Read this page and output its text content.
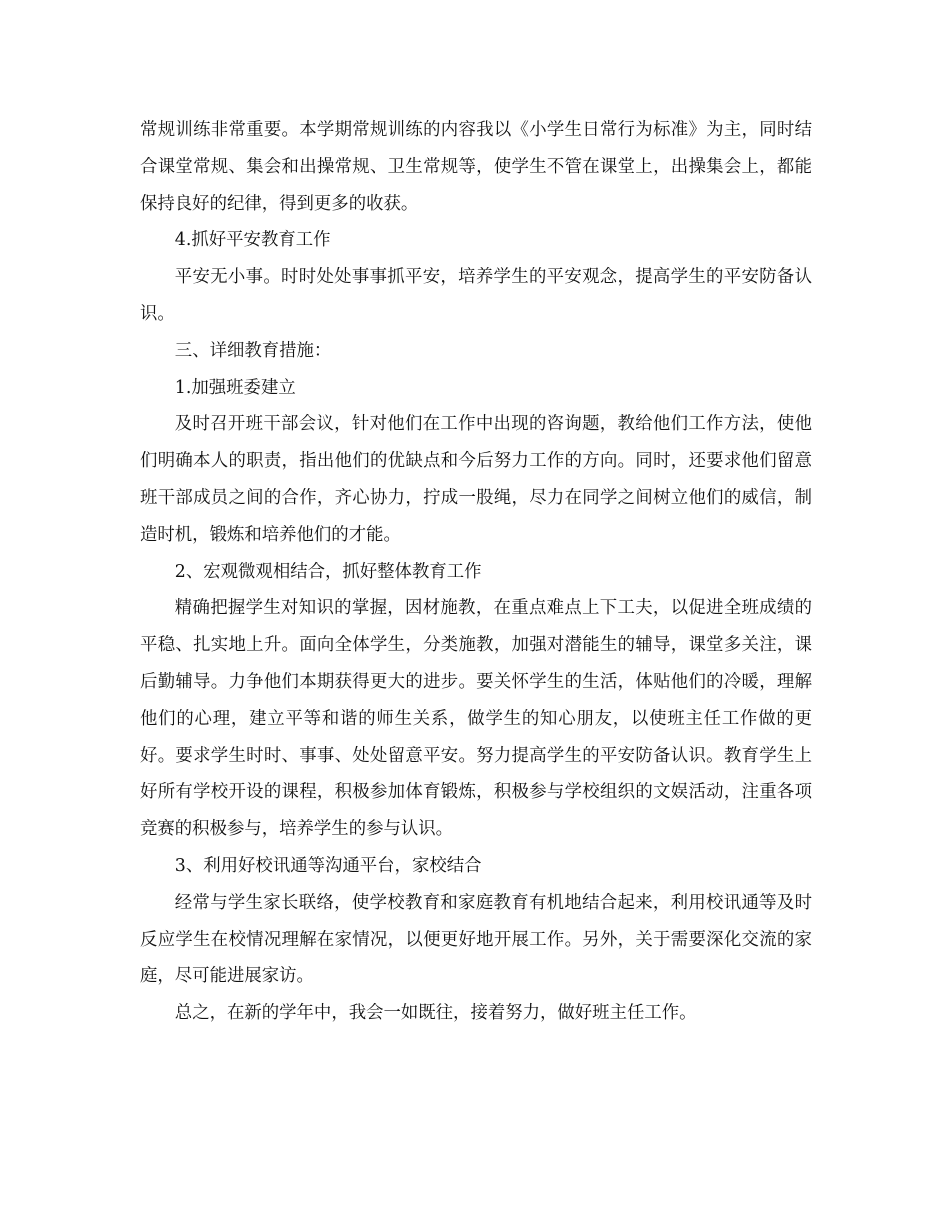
常规训练非常重要。本学期常规训练的内容我以《小学生日常行为标准》为主，同时结合课堂常规、集会和出操常规、卫生常规等，使学生不管在课堂上，出操集会上，都能保持良好的纪律，得到更多的收获。

4.抓好平安教育工作

平安无小事。时时处处事事抓平安，培养学生的平安观念，提高学生的平安防备认识。

三、详细教育措施：

1.加强班委建立

及时召开班干部会议，针对他们在工作中出现的咨询题，教给他们工作方法，使他们明确本人的职责，指出他们的优缺点和今后努力工作的方向。同时，还要求他们留意班干部成员之间的合作，齐心协力，拧成一股绳，尽力在同学之间树立他们的威信，制造时机，锻炼和培养他们的才能。

2、宏观微观相结合，抓好整体教育工作

精确把握学生对知识的掌握，因材施教，在重点难点上下工夫，以促进全班成绩的平稳、扎实地上升。面向全体学生，分类施教，加强对潜能生的辅导，课堂多关注，课后勤辅导。力争他们本期获得更大的进步。要关怀学生的生活，体贴他们的冷暖，理解他们的心理，建立平等和谐的师生关系，做学生的知心朋友，以使班主任工作做的更好。要求学生时时、事事、处处留意平安。努力提高学生的平安防备认识。教育学生上好所有学校开设的课程，积极参加体育锻炼，积极参与学校组织的文娱活动，注重各项竞赛的积极参与，培养学生的参与认识。

3、利用好校讯通等沟通平台，家校结合

经常与学生家长联络，使学校教育和家庭教育有机地结合起来，利用校讯通等及时反应学生在校情况理解在家情况，以便更好地开展工作。另外，关于需要深化交流的家庭，尽可能进展家访。

总之，在新的学年中，我会一如既往，接着努力，做好班主任工作。
